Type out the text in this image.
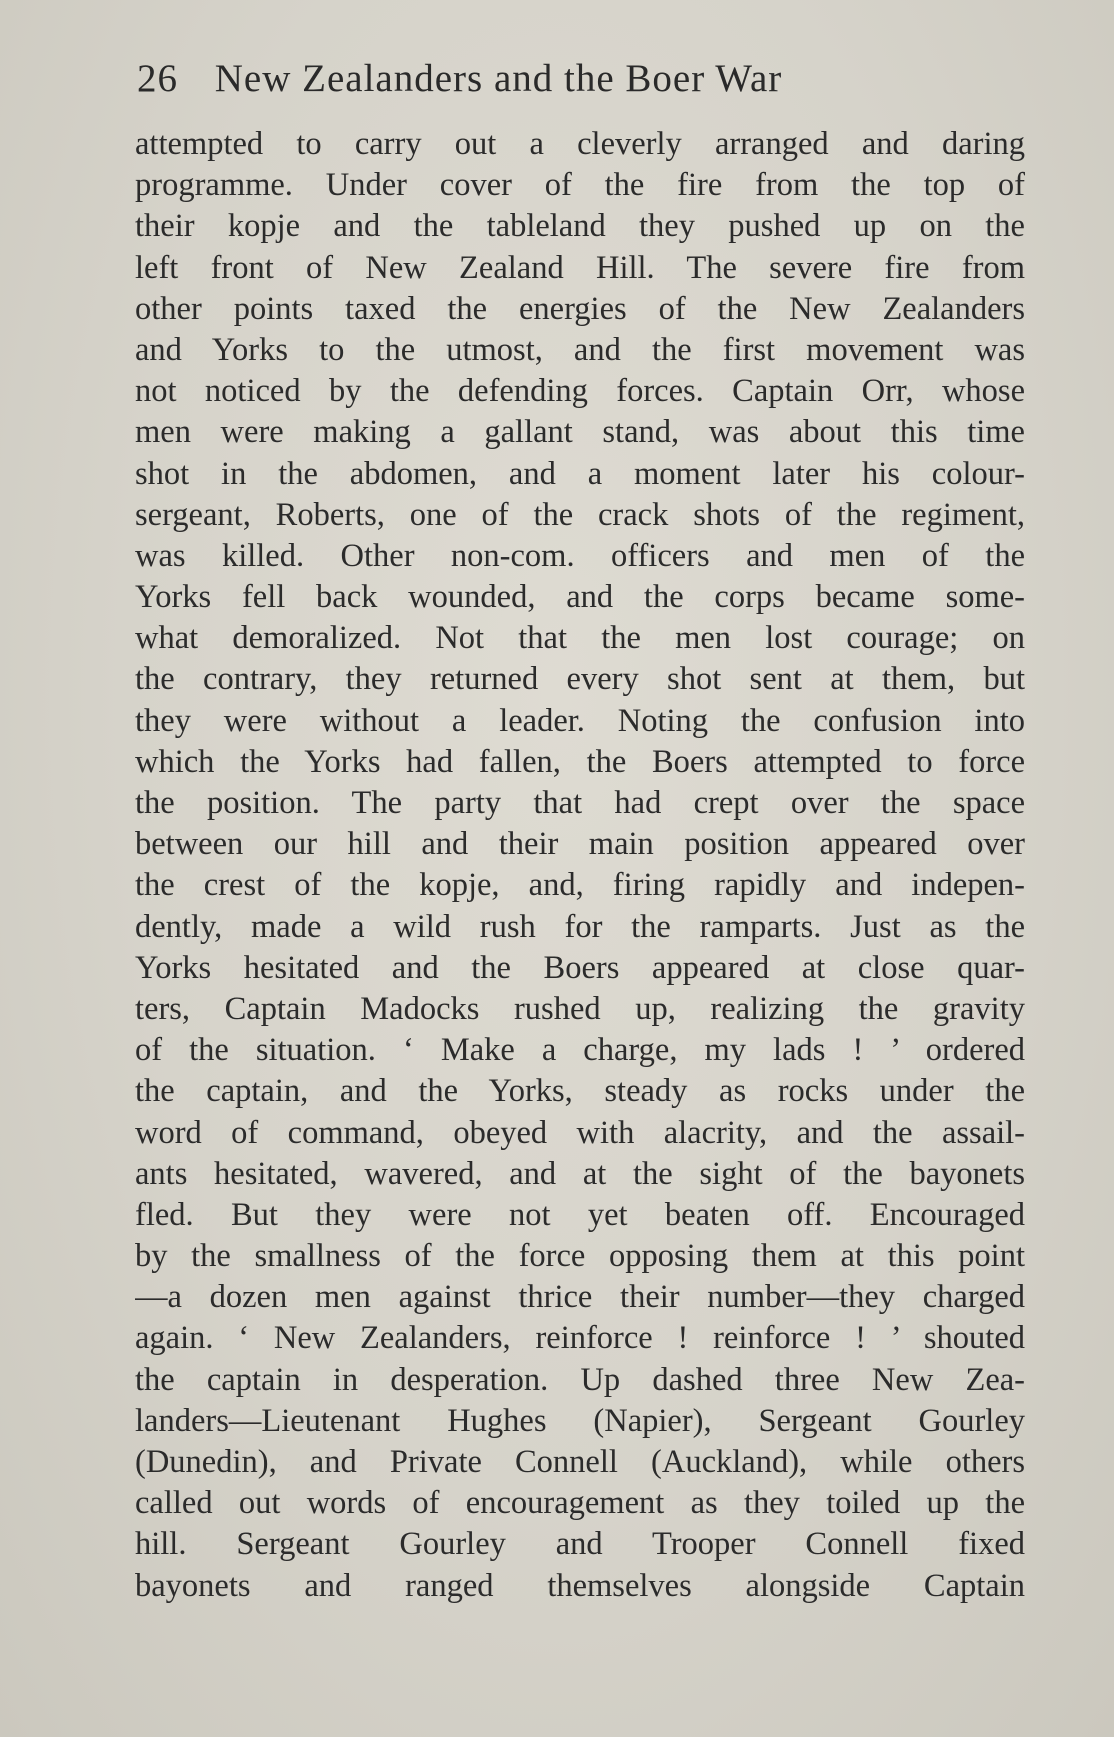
26 New Zealanders and the Boer War
attempted to carry out a cleverly arranged and daring
programme. Under cover of the fire from the top of
their kopje and the tableland they pushed up on the
left front of New Zealand Hill. The severe fire from
other points taxed the energies of the New Zealanders
and Yorks to the utmost, and the first movement was
not noticed by the defending forces. Captain Orr, whose
men were making a gallant stand, was about this time
shot in the abdomen, and a moment later his colour-
sergeant, Roberts, one of the crack shots of the regiment,
was killed. Other non-com. officers and men of the
Yorks fell back wounded, and the corps became some-
what demoralized. Not that the men lost courage; on
the contrary, they returned every shot sent at them, but
they were without a leader. Noting the confusion into
which the Yorks had fallen, the Boers attempted to force
the position. The party that had crept over the space
between our hill and their main position appeared over
the crest of the kopje, and, firing rapidly and indepen-
dently, made a wild rush for the ramparts. Just as the
Yorks hesitated and the Boers appeared at close quar-
ters, Captain Madocks rushed up, realizing the gravity
of the situation. ‘ Make a charge, my lads ! ’ ordered
the captain, and the Yorks, steady as rocks under the
word of command, obeyed with alacrity, and the assail-
ants hesitated, wavered, and at the sight of the bayonets
fled. But they were not yet beaten off. Encouraged
by the smallness of the force opposing them at this point
—a dozen men against thrice their number—they charged
again. ‘ New Zealanders, reinforce ! reinforce ! ’ shouted
the captain in desperation. Up dashed three New Zea-
landers—Lieutenant Hughes (Napier), Sergeant Gourley
(Dunedin), and Private Connell (Auckland), while others
called out words of encouragement as they toiled up the
hill. Sergeant Gourley and Trooper Connell fixed
bayonets and ranged themselves alongside Captain
